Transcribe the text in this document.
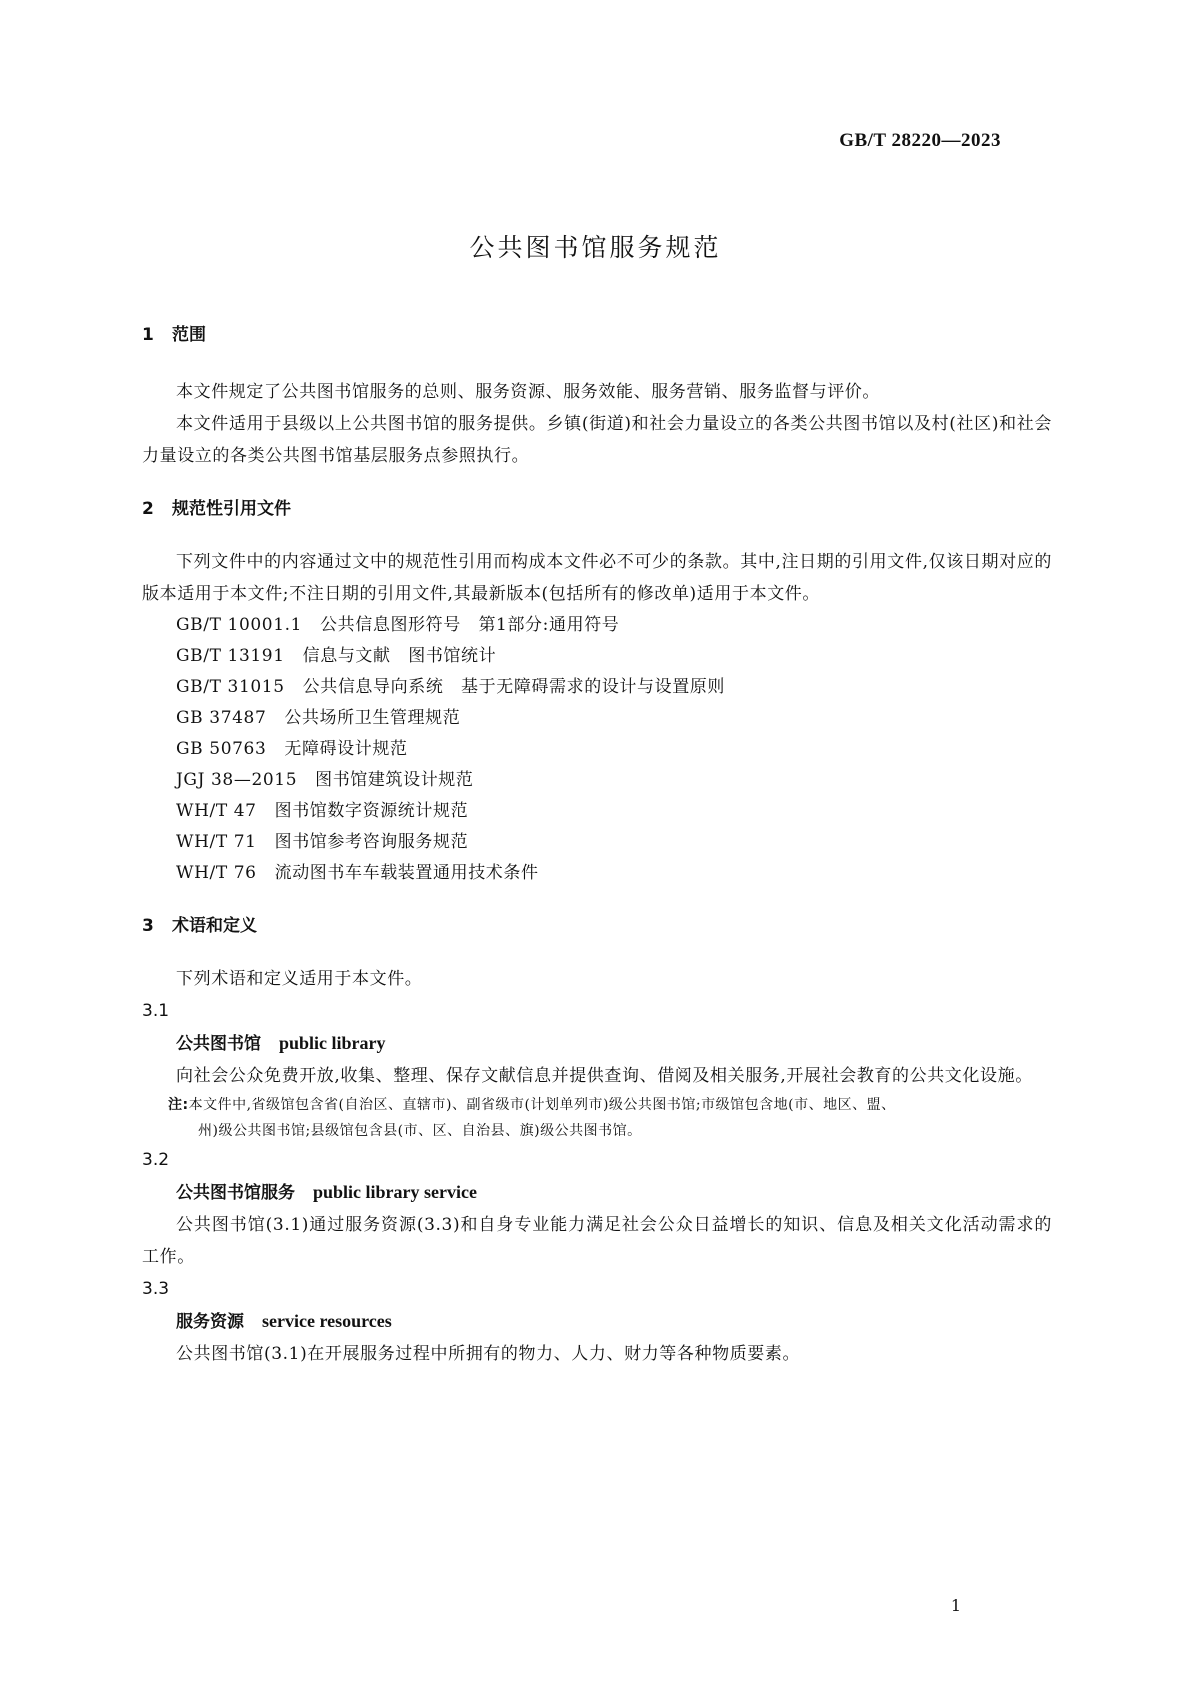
GB/T 28220—2023
公共图书馆服务规范
1 范围

本文件规定了公共图书馆服务的总则、服务资源、服务效能、服务营销、服务监督与评价。

本文件适用于县级以上公共图书馆的服务提供。乡镇(街道)和社会力量设立的各类公共图书馆以及村(社区)和社会力量设立的各类公共图书馆基层服务点参照执行。

2 规范性引用文件

下列文件中的内容通过文中的规范性引用而构成本文件必不可少的条款。其中,注日期的引用文件,仅该日期对应的版本适用于本文件;不注日期的引用文件,其最新版本(包括所有的修改单)适用于本文件。

GB/T 10001.1 公共信息图形符号　第1部分:通用符号
GB/T 13191 信息与文献　图书馆统计
GB/T 31015 公共信息导向系统　基于无障碍需求的设计与设置原则
GB 37487 公共场所卫生管理规范
GB 50763 无障碍设计规范
JGJ 38—2015 图书馆建筑设计规范
WH/T 47 图书馆数字资源统计规范
WH/T 71 图书馆参考咨询服务规范
WH/T 76 流动图书车车载装置通用技术条件
3 术语和定义

下列术语和定义适用于本文件。

3.1
公共图书馆 public library

向社会公众免费开放,收集、整理、保存文献信息并提供查询、借阅及相关服务,开展社会教育的公共文化设施。

注:本文件中,省级馆包含省(自治区、直辖市)、副省级市(计划单列市)级公共图书馆;市级馆包含地(市、地区、盟、
州)级公共图书馆;县级馆包含县(市、区、自治县、旗)级公共图书馆。
3.2
公共图书馆服务 public library service

公共图书馆(3.1)通过服务资源(3.3)和自身专业能力满足社会公众日益增长的知识、信息及相关文化活动需求的工作。

3.3
服务资源 service resources

公共图书馆(3.1)在开展服务过程中所拥有的物力、人力、财力等各种物质要素。

1
